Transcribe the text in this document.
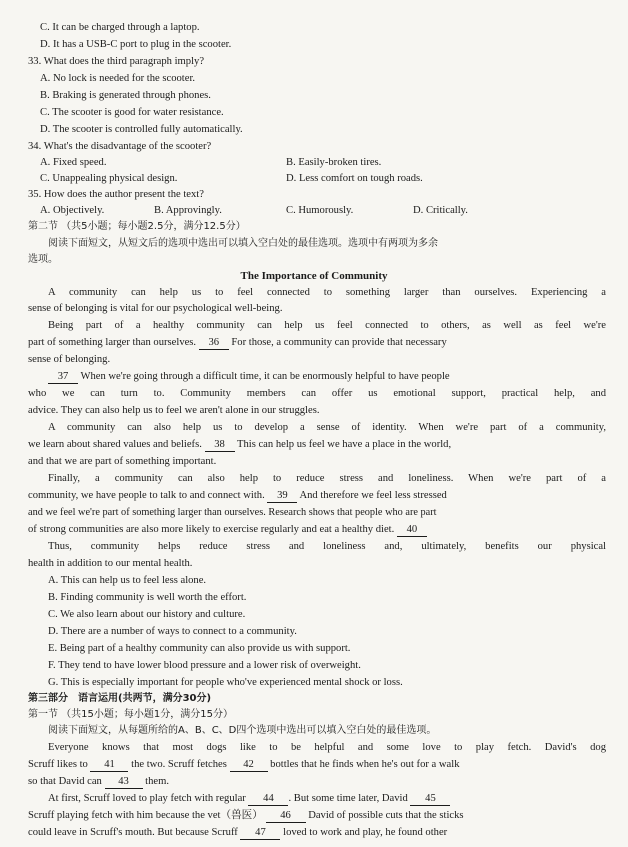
C. It can be charged through a laptop.
D. It has a USB-C port to plug in the scooter.
33. What does the third paragraph imply?
A. No lock is needed for the scooter.
B. Braking is generated through phones.
C. The scooter is good for water resistance.
D. The scooter is controlled fully automatically.
34. What's the disadvantage of the scooter?
A. Fixed speed.	B. Easily-broken tires.
C. Unappealing physical design.	D. Less comfort on tough roads.
35. How does the author present the text?
A. Objectively.	B. Approvingly.	C. Humorously.	D. Critically.
第二节 （共5小题；每小题2.5分，满分12.5分）
阅读下面短文，从短文后的选项中选出可以填入空白处的最佳选项。选项中有两项为多余
选项。
The Importance of Community
A community can help us to feel connected to something larger than ourselves. Experiencing a
sense of belonging is vital for our psychological well-being.
Being part of a healthy community can help us feel connected to others, as well as feel we're
part of something larger than ourselves. 36 For those, a community can provide that necessary
sense of belonging.
37 When we're going through a difficult time, it can be enormously helpful to have people
who we can turn to. Community members can offer us emotional support, practical help, and
advice. They can also help us to feel we aren't alone in our struggles.
A community can also help us to develop a sense of identity. When we're part of a community,
we learn about shared values and beliefs. 38 This can help us feel we have a place in the world,
and that we are part of something important.
Finally, a community can also help to reduce stress and loneliness. When we're part of a
community, we have people to talk to and connect with. 39 And therefore we feel less stressed
and we feel we're part of something larger than ourselves. Research shows that people who are part
of strong communities are also more likely to exercise regularly and eat a healthy diet. 40
Thus, community helps reduce stress and loneliness and, ultimately, benefits our physical
health in addition to our mental health.
A. This can help us to feel less alone.
B. Finding community is well worth the effort.
C. We also learn about our history and culture.
D. There are a number of ways to connect to a community.
E. Being part of a healthy community can also provide us with support.
F. They tend to have lower blood pressure and a lower risk of overweight.
G. This is especially important for people who've experienced mental shock or loss.
第三部分　语言运用(共两节，满分30分)
第一节 （共15小题；每小题1分，满分15分）
阅读下面短文，从每题所给的A、B、C、D四个选项中选出可以填入空白处的最佳选项。
Everyone knows that most dogs like to be helpful and some love to play fetch. David's dog
Scruff likes to 41 the two. Scruff fetches 42 bottles that he finds when he's out for a walk
so that David can 43 them.
At first, Scruff loved to play fetch with regular 44 . But some time later, David 45
Scruff playing fetch with him because the vet（兽医） 46 David of possible cuts that the sticks
could leave in Scruff's mouth. But because Scruff 47 loved to work and play, he found other
